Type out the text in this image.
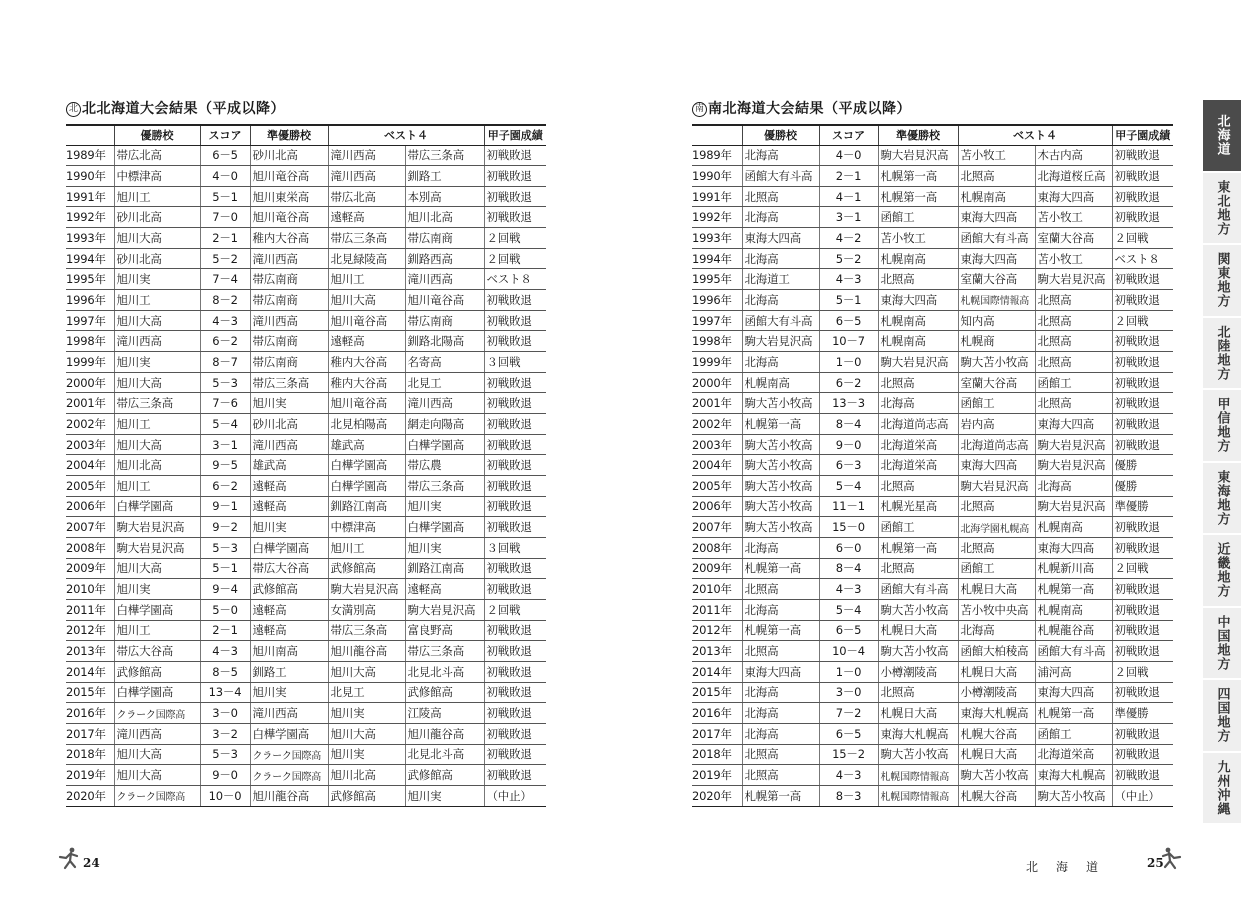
北 北北海道大会結果（平成以降）
	優勝校	スコア	準優勝校	ベスト４		甲子園成績
1989年	帯広北高	6－5	砂川北高	滝川西高	帯広三条高	初戦敗退
1990年	中標津高	4－0	旭川竜谷高	滝川西高	釧路工	初戦敗退
1991年	旭川工	5－1	旭川東栄高	帯広北高	本別高	初戦敗退
1992年	砂川北高	7－0	旭川竜谷高	遠軽高	旭川北高	初戦敗退
1993年	旭川大高	2－1	稚内大谷高	帯広三条高	帯広南商	２回戦
1994年	砂川北高	5－2	滝川西高	北見緑陵高	釧路西高	２回戦
1995年	旭川実	7－4	帯広南商	旭川工	滝川西高	ベスト８
1996年	旭川工	8－2	帯広南商	旭川大高	旭川竜谷高	初戦敗退
1997年	旭川大高	4－3	滝川西高	旭川竜谷高	帯広南商	初戦敗退
1998年	滝川西高	6－2	帯広南商	遠軽高	釧路北陽高	初戦敗退
1999年	旭川実	8－7	帯広南商	稚内大谷高	名寄高	３回戦
2000年	旭川大高	5－3	帯広三条高	稚内大谷高	北見工	初戦敗退
2001年	帯広三条高	7－6	旭川実	旭川竜谷高	滝川西高	初戦敗退
2002年	旭川工	5－4	砂川北高	北見柏陽高	網走向陽高	初戦敗退
2003年	旭川大高	3－1	滝川西高	雄武高	白樺学園高	初戦敗退
2004年	旭川北高	9－5	雄武高	白樺学園高	帯広農	初戦敗退
2005年	旭川工	6－2	遠軽高	白樺学園高	帯広三条高	初戦敗退
2006年	白樺学園高	9－1	遠軽高	釧路江南高	旭川実	初戦敗退
2007年	駒大岩見沢高	9－2	旭川実	中標津高	白樺学園高	初戦敗退
2008年	駒大岩見沢高	5－3	白樺学園高	旭川工	旭川実	３回戦
2009年	旭川大高	5－1	帯広大谷高	武修館高	釧路江南高	初戦敗退
2010年	旭川実	9－4	武修館高	駒大岩見沢高	遠軽高	初戦敗退
2011年	白樺学園高	5－0	遠軽高	女満別高	駒大岩見沢高	２回戦
2012年	旭川工	2－1	遠軽高	帯広三条高	富良野高	初戦敗退
2013年	帯広大谷高	4－3	旭川南高	旭川龍谷高	帯広三条高	初戦敗退
2014年	武修館高	8－5	釧路工	旭川大高	北見北斗高	初戦敗退
2015年	白樺学園高	13－4	旭川実	北見工	武修館高	初戦敗退
2016年	クラーク国際高	3－0	滝川西高	旭川実	江陵高	初戦敗退
2017年	滝川西高	3－2	白樺学園高	旭川大高	旭川龍谷高	初戦敗退
2018年	旭川大高	5－3	クラーク国際高	旭川実	北見北斗高	初戦敗退
2019年	旭川大高	9－0	クラーク国際高	旭川北高	武修館高	初戦敗退
2020年	クラーク国際高	10－0	旭川龍谷高	武修館高	旭川実	（中止）
南 南北海道大会結果（平成以降）
	優勝校	スコア	準優勝校	ベスト４		甲子園成績
1989年	北海高	4－0	駒大岩見沢高	苫小牧工	木古内高	初戦敗退
1990年	函館大有斗高	2－1	札幌第一高	北照高	北海道桜丘高	初戦敗退
1991年	北照高	4－1	札幌第一高	札幌南高	東海大四高	初戦敗退
1992年	北海高	3－1	函館工	東海大四高	苫小牧工	初戦敗退
1993年	東海大四高	4－2	苫小牧工	函館大有斗高	室蘭大谷高	２回戦
1994年	北海高	5－2	札幌南高	東海大四高	苫小牧工	ベスト８
1995年	北海道工	4－3	北照高	室蘭大谷高	駒大岩見沢高	初戦敗退
1996年	北海高	5－1	東海大四高	札幌国際情報高	北照高	初戦敗退
1997年	函館大有斗高	6－5	札幌南高	知内高	北照高	２回戦
1998年	駒大岩見沢高	10－7	札幌南高	札幌商	北照高	初戦敗退
1999年	北海高	1－0	駒大岩見沢高	駒大苫小牧高	北照高	初戦敗退
2000年	札幌南高	6－2	北照高	室蘭大谷高	函館工	初戦敗退
2001年	駒大苫小牧高	13－3	北海高	函館工	北照高	初戦敗退
2002年	札幌第一高	8－4	北海道尚志高	岩内高	東海大四高	初戦敗退
2003年	駒大苫小牧高	9－0	北海道栄高	北海道尚志高	駒大岩見沢高	初戦敗退
2004年	駒大苫小牧高	6－3	北海道栄高	東海大四高	駒大岩見沢高	優勝
2005年	駒大苫小牧高	5－4	北照高	駒大岩見沢高	北海高	優勝
2006年	駒大苫小牧高	11－1	札幌光星高	北照高	駒大岩見沢高	準優勝
2007年	駒大苫小牧高	15－0	函館工	北海学園札幌高	札幌南高	初戦敗退
2008年	北海高	6－0	札幌第一高	北照高	東海大四高	初戦敗退
2009年	札幌第一高	8－4	北照高	函館工	札幌新川高	２回戦
2010年	北照高	4－3	函館大有斗高	札幌日大高	札幌第一高	初戦敗退
2011年	北海高	5－4	駒大苫小牧高	苫小牧中央高	札幌南高	初戦敗退
2012年	札幌第一高	6－5	札幌日大高	北海高	札幌龍谷高	初戦敗退
2013年	北照高	10－4	駒大苫小牧高	函館大柏稜高	函館大有斗高	初戦敗退
2014年	東海大四高	1－0	小樽潮陵高	札幌日大高	浦河高	２回戦
2015年	北海高	3－0	北照高	小樽潮陵高	東海大四高	初戦敗退
2016年	北海高	7－2	札幌日大高	東海大札幌高	札幌第一高	準優勝
2017年	北海高	6－5	東海大札幌高	札幌大谷高	函館工	初戦敗退
2018年	北照高	15－2	駒大苫小牧高	札幌日大高	北海道栄高	初戦敗退
2019年	北照高	4－3	札幌国際情報高	駒大苫小牧高	東海大札幌高	初戦敗退
2020年	札幌第一高	8－3	札幌国際情報高	札幌大谷高	駒大苫小牧高	（中止）
北海道
東北地方
関東地方
北陸地方
甲信地方
東海地方
近畿地方
中国地方
四国地方
九州沖縄
24	北海道	25
